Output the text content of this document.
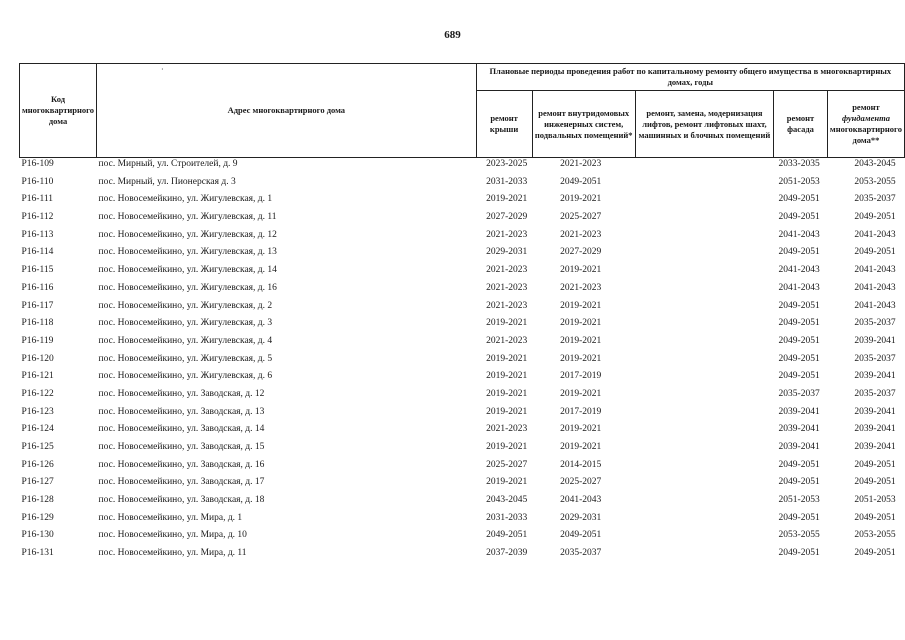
689
·
Код многоквартирного дома	Адрес многоквартирного дома	Плановые периоды проведения работ по капитальному ремонту общего имущества в многоквартирных домах, годы				
		ремонт крыши	ремонт внутридомовых инженерных систем, подвальных помещений*	ремонт, замена, модернизация лифтов, ремонт лифтовых шахт, машинных и блочных помещений	ремонт фасада	ремонт фундамента многоквартирного дома**
Р16-109	пос. Мирный, ул. Строителей, д. 9	2023-2025	2021-2023		2033-2035	2043-2045
Р16-110	пос. Мирный, ул. Пионерская д. 3	2031-2033	2049-2051		2051-2053	2053-2055
Р16-111	пос. Новосемейкино, ул. Жигулевская, д. 1	2019-2021	2019-2021		2049-2051	2035-2037
Р16-112	пос. Новосемейкино, ул. Жигулевская, д. 11	2027-2029	2025-2027		2049-2051	2049-2051
Р16-113	пос. Новосемейкино, ул. Жигулевская, д. 12	2021-2023	2021-2023		2041-2043	2041-2043
Р16-114	пос. Новосемейкино, ул. Жигулевская, д. 13	2029-2031	2027-2029		2049-2051	2049-2051
Р16-115	пос. Новосемейкино, ул. Жигулевская, д. 14	2021-2023	2019-2021		2041-2043	2041-2043
Р16-116	пос. Новосемейкино, ул. Жигулевская, д. 16	2021-2023	2021-2023		2041-2043	2041-2043
Р16-117	пос. Новосемейкино, ул. Жигулевская, д. 2	2021-2023	2019-2021		2049-2051	2041-2043
Р16-118	пос. Новосемейкино, ул. Жигулевская, д. 3	2019-2021	2019-2021		2049-2051	2035-2037
Р16-119	пос. Новосемейкино, ул. Жигулевская, д. 4	2021-2023	2019-2021		2049-2051	2039-2041
Р16-120	пос. Новосемейкино, ул. Жигулевская, д. 5	2019-2021	2019-2021		2049-2051	2035-2037
Р16-121	пос. Новосемейкино, ул. Жигулевская, д. 6	2019-2021	2017-2019		2049-2051	2039-2041
Р16-122	пос. Новосемейкино, ул. Заводская, д. 12	2019-2021	2019-2021		2035-2037	2035-2037
Р16-123	пос. Новосемейкино, ул. Заводская, д. 13	2019-2021	2017-2019		2039-2041	2039-2041
Р16-124	пос. Новосемейкино, ул. Заводская, д. 14	2021-2023	2019-2021		2039-2041	2039-2041
Р16-125	пос. Новосемейкино, ул. Заводская, д. 15	2019-2021	2019-2021		2039-2041	2039-2041
Р16-126	пос. Новосемейкино, ул. Заводская, д. 16	2025-2027	2014-2015		2049-2051	2049-2051
Р16-127	пос. Новосемейкино, ул. Заводская, д. 17	2019-2021	2025-2027		2049-2051	2049-2051
Р16-128	пос. Новосемейкино, ул. Заводская, д. 18	2043-2045	2041-2043		2051-2053	2051-2053
Р16-129	пос. Новосемейкино, ул. Мира, д. 1	2031-2033	2029-2031		2049-2051	2049-2051
Р16-130	пос. Новосемейкино, ул. Мира, д. 10	2049-2051	2049-2051		2053-2055	2053-2055
Р16-131	пос. Новосемейкино, ул. Мира, д. 11	2037-2039	2035-2037		2049-2051	2049-2051
